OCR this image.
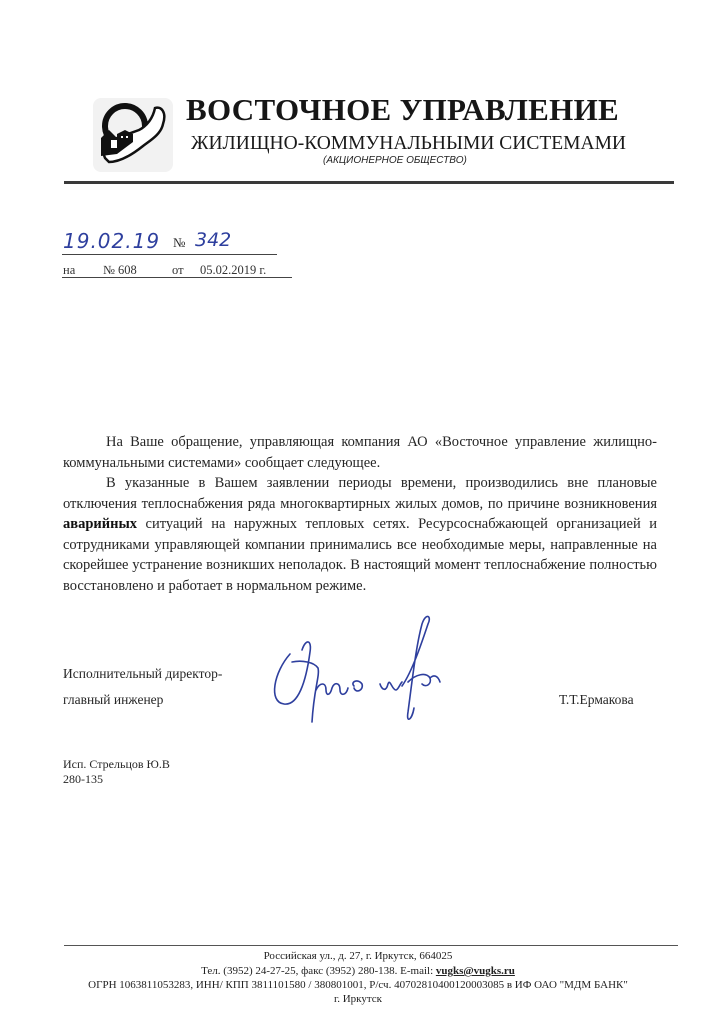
ВОСТОЧНОЕ УПРАВЛЕНИЕ
ЖИЛИЩНО-КОММУНАЛЬНЫМИ СИСТЕМАМИ
(АКЦИОНЕРНОЕ ОБЩЕСТВО)
19.02.19 № 342
на № 608	от 05.02.2019 г.

На Ваше обращение, управляющая компания АО «Восточное управление жилищно-коммунальными системами» сообщает следующее.

В указанные в Вашем заявлении периоды времени, производились вне плановые отключения теплоснабжения ряда многоквартирных жилых домов, по причине возникновения аварийных ситуаций на наружных тепловых сетях. Ресурсоснабжающей организацией и сотрудниками управляющей компании принимались все необходимые меры, направленные на скорейшее устранение возникших неполадок. В настоящий момент теплоснабжение полностью восстановлено и работает в нормальном режиме.

Исполнительный директор-
главный инженер	Т.Т.Ермакова
Исп. Стрельцов Ю.В
280-135
Российская ул., д. 27, г. Иркутск, 664025
Тел. (3952) 24-27-25, факс (3952) 280-138. E-mail: vugks@vugks.ru
ОГРН 1063811053283, ИНН/ КПП 3811101580 / 380801001, Р/сч. 40702810400120003085 в ИФ ОАО "МДМ БАНК"
г. Иркутск
